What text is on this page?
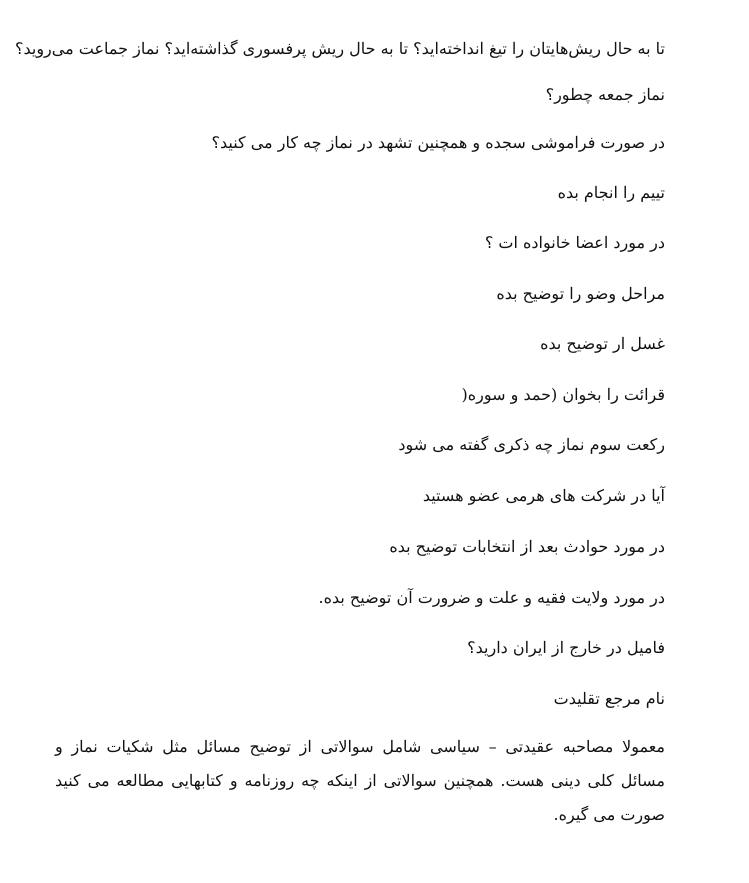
تا به حال ریش‌هایتان را تیغ انداخته‌اید؟ تا به حال ریش پرفسوری گذاشته‌اید؟ نماز جماعت می‌روید؟

نماز جمعه چطور؟

در صورت فراموشی سجده و همچنین تشهد در نماز چه کار می کنید؟

تییم را انجام بده

در مورد اعضا خانواده ات ؟

مراحل وضو را توضیح بده

غسل ار توضیح بده

قرائت را بخوان (حمد و سوره(

رکعت سوم نماز چه ذکری گفته می شود

آیا در شرکت های هرمی عضو هستید

در مورد حوادث بعد از انتخابات توضیح بده

در مورد ولایت فقیه و علت و ضرورت آن توضیح بده.

فامیل در خارج از ایران دارید؟

نام مرجع تقلیدت

معمولا مصاحبه عقیدتی – سیاسی شامل سوالاتی از توضیح مسائل مثل شکیات نماز و مسائل کلی دینی هست. همچنین سوالاتی از اینکه چه روزنامه و کتابهایی مطالعه می کنید صورت می گیره.
